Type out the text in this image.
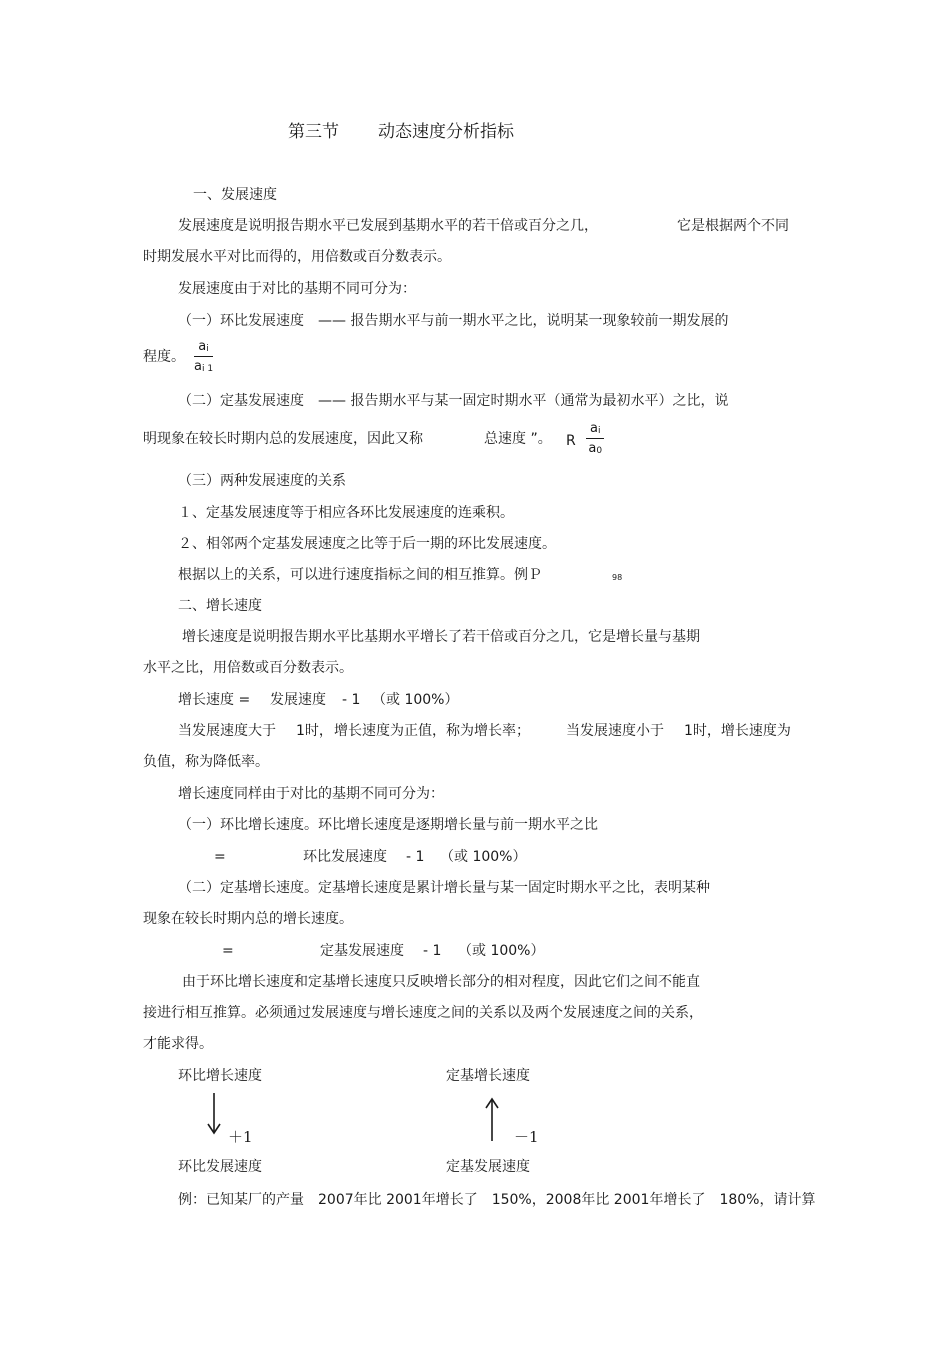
第三节 动态速度分析指标
一、发展速度
发展速度是说明报告期水平已发展到基期水平的若干倍或百分之几，	它是根据两个不同
时期发展水平对比而得的，用倍数或百分数表示。
发展速度由于对比的基期不同可分为：
（一）环比发展速度 —— 报告期水平与前一期水平之比，说明某一现象较前一期发展的
程度。 $\frac{ai}{ai 1}$
（二）定基发展速度 —— 报告期水平与某一固定时期水平（通常为最初水平）之比，说
明现象在较长时期内总的发展速度，因此又称	总速度 ”。 R $\frac{ai}{a0}$
（三）两种发展速度的关系
１、定基发展速度等于相应各环比发展速度的连乘积。
２、相邻两个定基发展速度之比等于后一期的环比发展速度。
根据以上的关系，可以进行速度指标之间的相互推算。例Ｐ	98
二、增长速度
增长速度是说明报告期水平比基期水平增长了若干倍或百分之几，它是增长量与基期
水平之比，用倍数或百分数表示。
增长速度 = 发展速度 - 1 （或 100%）
当发展速度大于 1时， 增长速度为正值，称为增长率；	当发展速度小于 1时，增长速度为
负值，称为降低率。
增长速度同样由于对比的基期不同可分为：
（一）环比增长速度。环比增长速度是逐期增长量与前一期水平之比
=	环比发展速度 - 1 （或 100%）
（二）定基增长速度。定基增长速度是累计增长量与某一固定时期水平之比，表明某种
现象在较长时期内总的增长速度。
=	定基发展速度 - 1 （或 100%）
由于环比增长速度和定基增长速度只反映增长部分的相对程度，因此它们之间不能直
接进行相互推算。必须通过发展速度与增长速度之间的关系以及两个发展速度之间的关系，
才能求得。
环比增长速度	定基增长速度
＋1	－1
环比发展速度	定基发展速度
例：已知某厂的产量　2007年比 2001年增长了　150%，2008年比 2001年增长了　180%，请计算
